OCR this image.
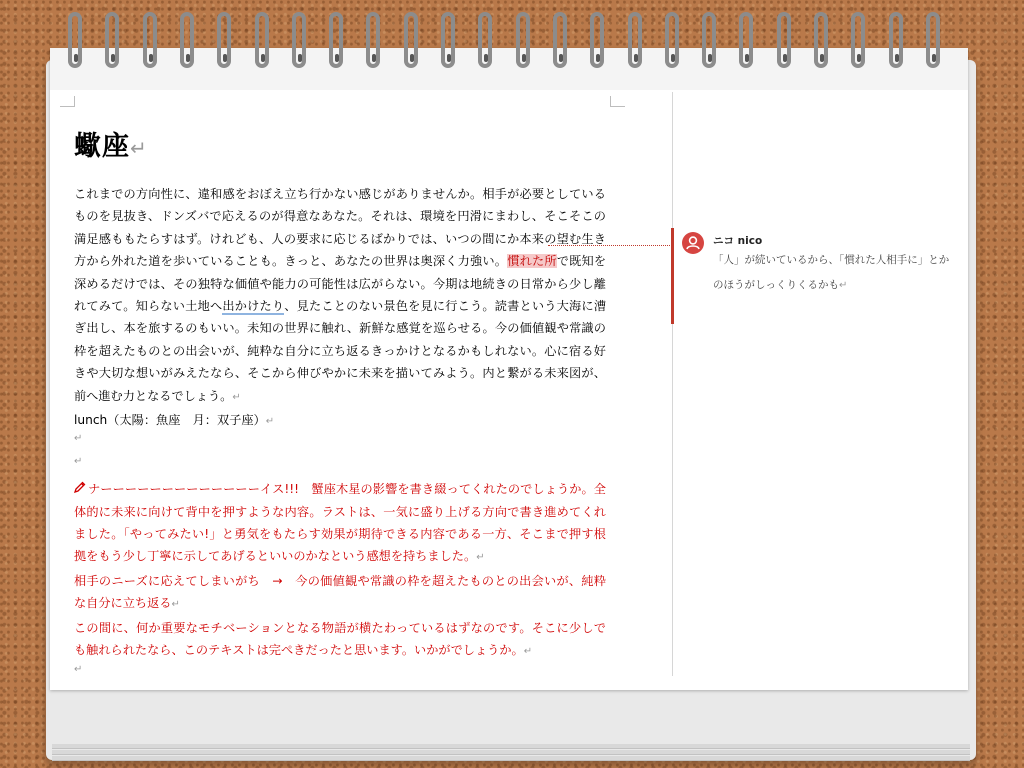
蠍座↵
これまでの方向性に、違和感をおぼえ立ち行かない感じがありませんか。相手が必要としているものを見抜き、ドンズバで応えるのが得意なあなた。それは、環境を円滑にまわし、そこそこの満足感ももたらすはず。けれども、人の要求に応じるばかりでは、いつの間にか本来の望む生き方から外れた道を歩いていることも。きっと、あなたの世界は奥深く力強い。慣れた所で既知を深めるだけでは、その独特な価値や能力の可能性は広がらない。今期は地続きの日常から少し離れてみて。知らない土地へ出かけたり、見たことのない景色を見に行こう。読書という大海に漕ぎ出し、本を旅するのもいい。未知の世界に触れ、新鮮な感覚を巡らせる。今の価値観や常識の枠を超えたものとの出会いが、純粋な自分に立ち返るきっかけとなるかもしれない。心に宿る好きや大切な想いがみえたなら、そこから伸びやかに未来を描いてみよう。内と繋がる未来図が、前へ進む力となるでしょう。↵
lunch（太陽：魚座　月：双子座）↵
↵
↵
ナーーーーーーーーーーーーーイス!!!　蟹座木星の影響を書き綴ってくれたのでしょうか。全体的に未来に向けて背中を押すような内容。ラストは、一気に盛り上げる方向で書き進めてくれました。「やってみたい!」と勇気をもたらす効果が期待できる内容である一方、そこまで押す根拠をもう少し丁寧に示してあげるといいのかなという感想を持ちました。↵
相手のニーズに応えてしまいがち　→　今の価値観や常識の枠を超えたものとの出会いが、純粋な自分に立ち返る↵
この間に、何か重要なモチベーションとなる物語が横たわっているはずなのです。そこに少しでも触れられたなら、このテキストは完ぺきだったと思います。いかがでしょうか。↵
↵
ニコ nico
「人」が続いているから、「慣れた人相手に」とかのほうがしっくりくるかも↵
